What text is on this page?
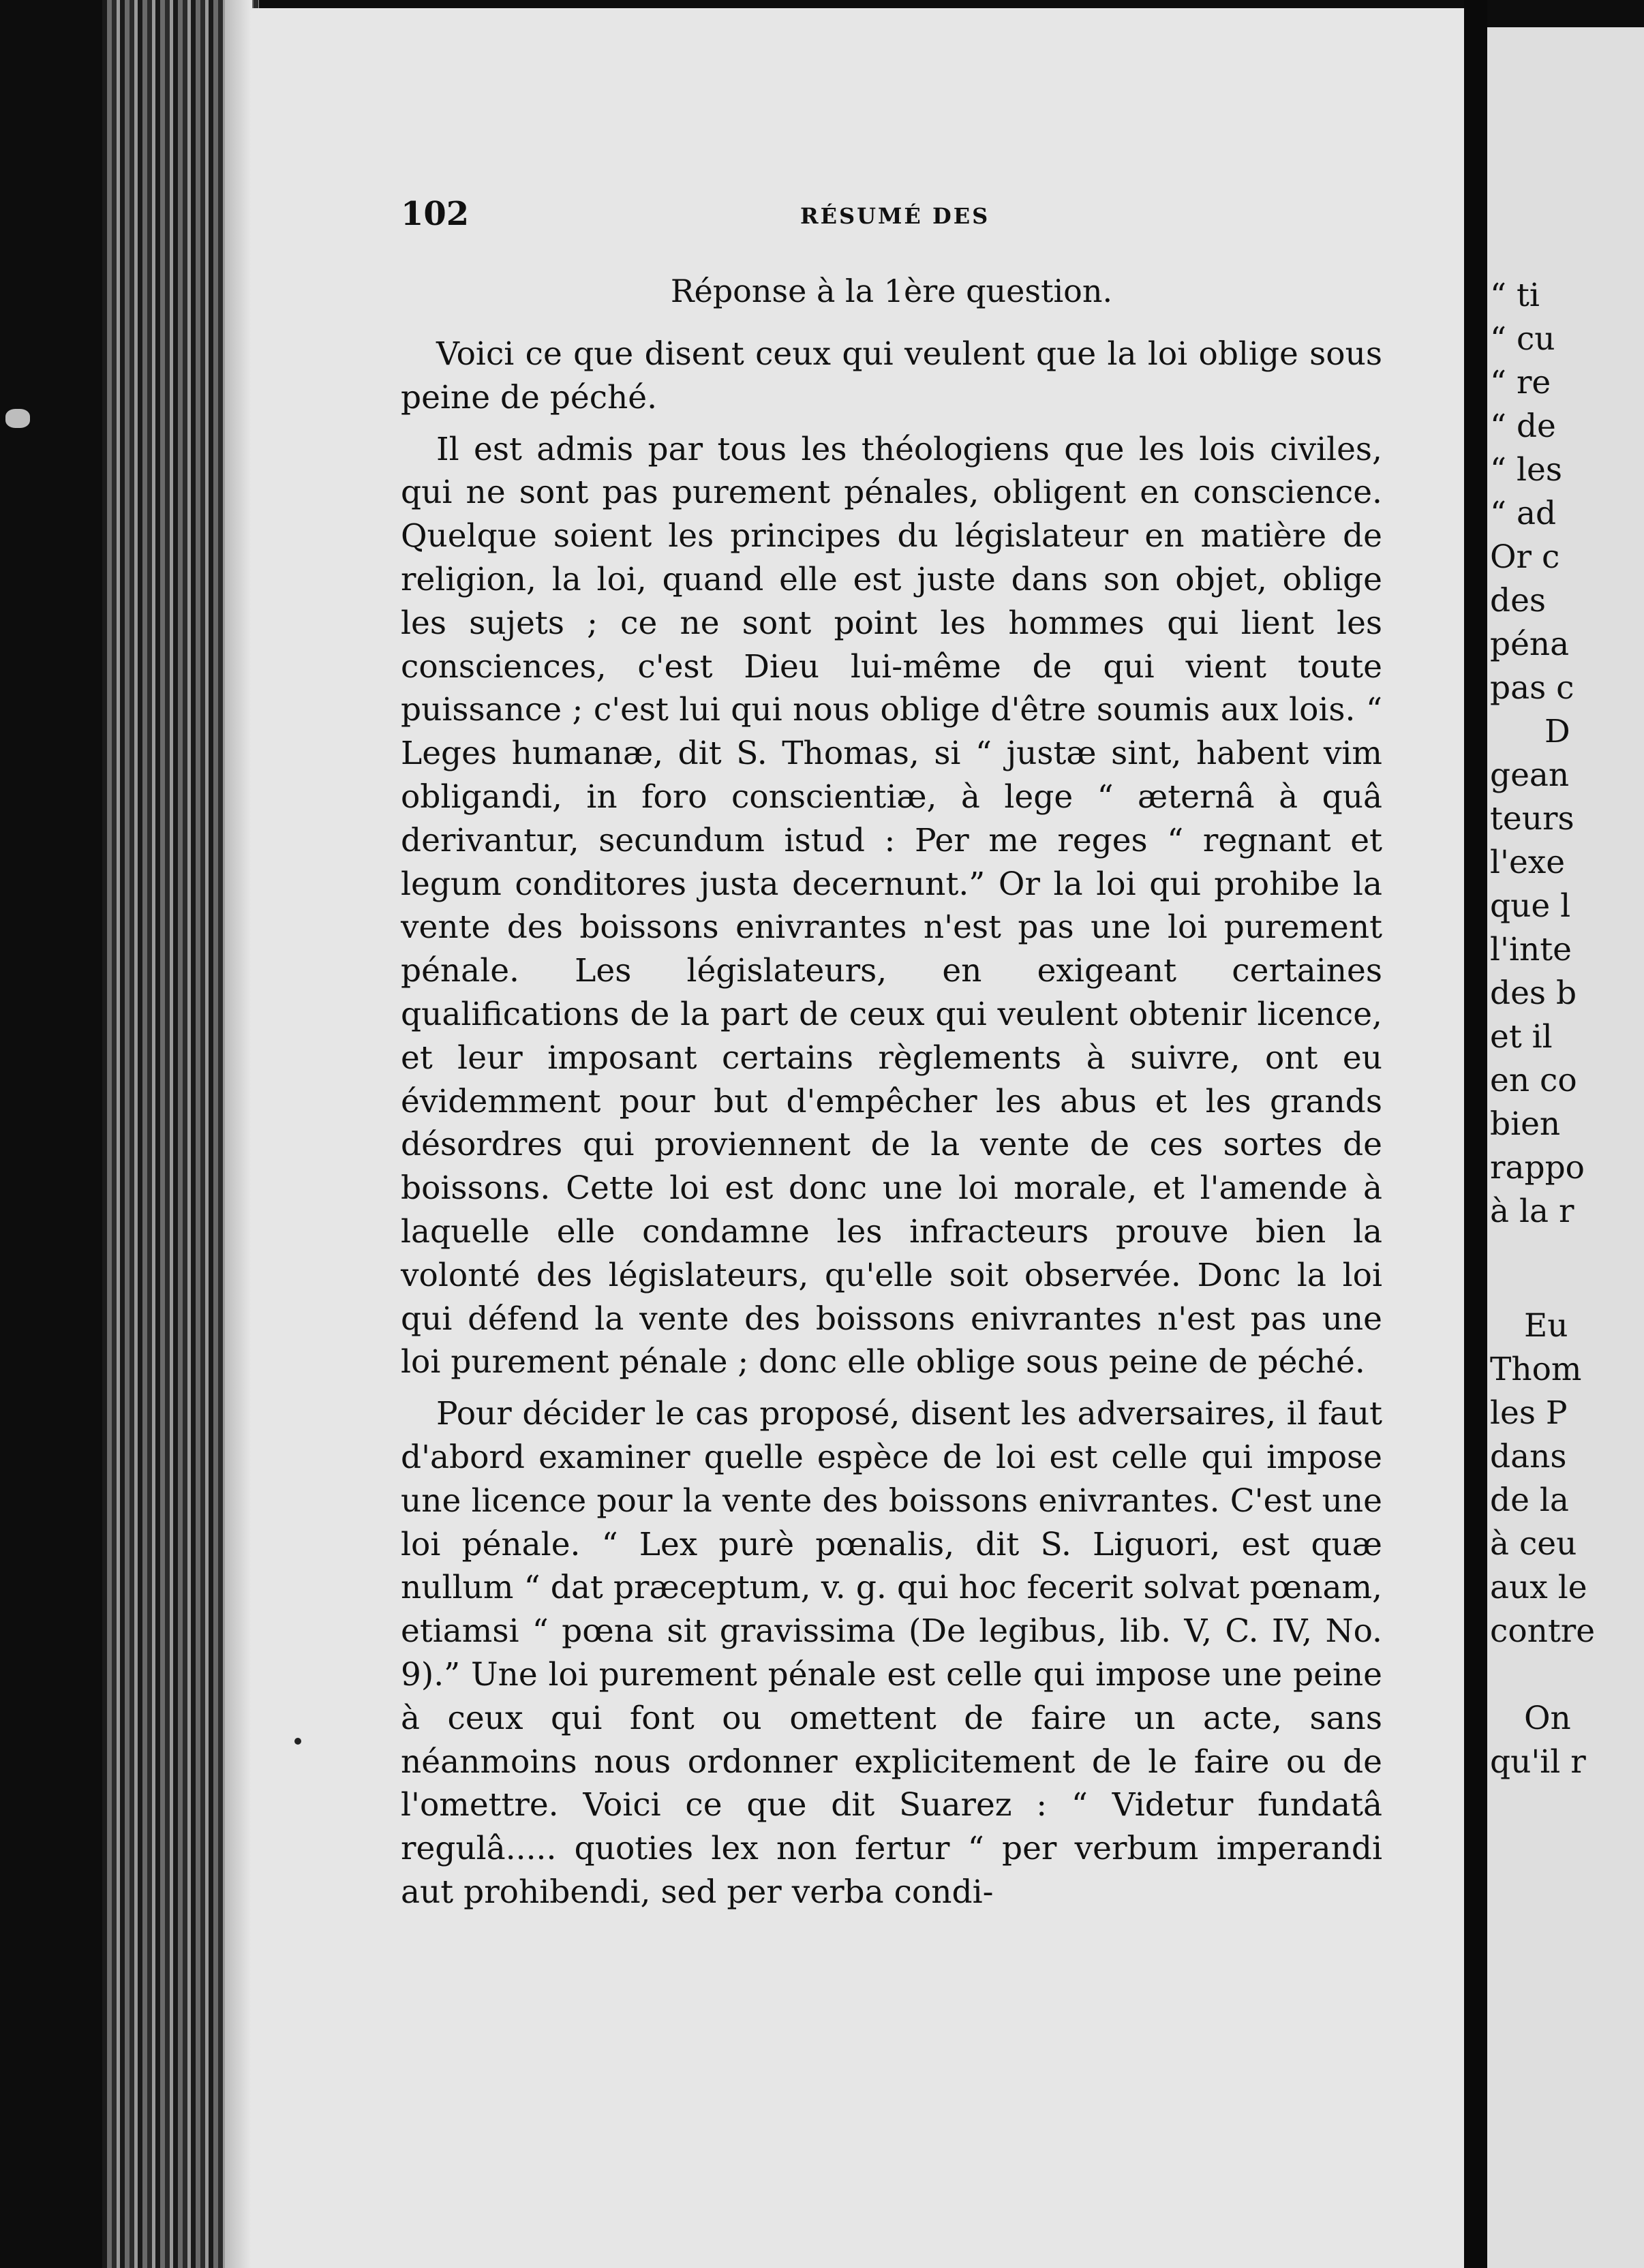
102	RÉSUMÉ DES
Réponse à la 1ère question.

Voici ce que disent ceux qui veulent que la loi oblige sous peine de péché.

Il est admis par tous les théologiens que les lois civiles, qui ne sont pas purement pénales, obligent en conscience. Quelque soient les principes du législateur en matière de religion, la loi, quand elle est juste dans son objet, oblige les sujets ; ce ne sont point les hommes qui lient les consciences, c'est Dieu lui-même de qui vient toute puissance ; c'est lui qui nous oblige d'être soumis aux lois. “ Leges humanæ, dit S. Thomas, si “ justæ sint, habent vim obligandi, in foro conscientiæ, à lege “ æternâ à quâ derivantur, secundum istud : Per me reges “ regnant et legum conditores justa decernunt.” Or la loi qui prohibe la vente des boissons enivrantes n'est pas une loi purement pénale. Les législateurs, en exigeant certaines qualifications de la part de ceux qui veulent obtenir licence, et leur imposant certains règlements à suivre, ont eu évidemment pour but d'empêcher les abus et les grands désordres qui proviennent de la vente de ces sortes de boissons. Cette loi est donc une loi morale, et l'amende à laquelle elle condamne les infracteurs prouve bien la volonté des législateurs, qu'elle soit observée. Donc la loi qui défend la vente des boissons enivrantes n'est pas une loi purement pénale ; donc elle oblige sous peine de péché.

Pour décider le cas proposé, disent les adversaires, il faut d'abord examiner quelle espèce de loi est celle qui impose une licence pour la vente des boissons enivrantes. C'est une loi pénale. “ Lex purè pœnalis, dit S. Liguori, est quæ nullum “ dat præceptum, v. g. qui hoc fecerit solvat pœnam, etiamsi “ pœna sit gravissima (De legibus, lib. V, C. IV, No. 9).” Une loi purement pénale est celle qui impose une peine à ceux qui font ou omettent de faire un acte, sans néanmoins nous ordonner explicitement de le faire ou de l'omettre. Voici ce que dit Suarez : “ Videtur fundatâ regulâ..... quoties lex non fertur “ per verbum imperandi aut prohibendi, sed per verba condi-

“ ti
“ cu
“ re
“ de
“ les
“ ad
Or c
des
péna
pas c
D
gean
teurs
l'exe
que l
l'inte
des b
et il
en co
bien
rappo
à la r
Eu
Thom
les P
dans
de la
à ceu
aux le
contre
On
qu'il r
